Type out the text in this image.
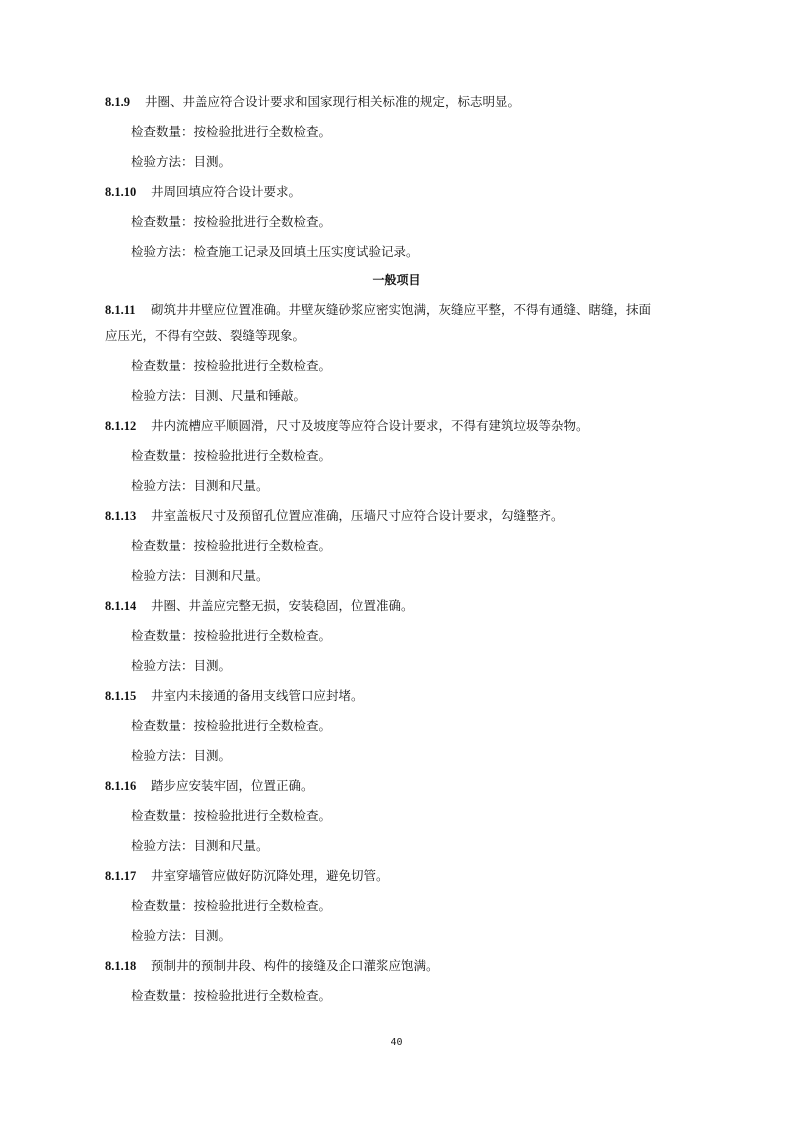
8.1.9 井圈、井盖应符合设计要求和国家现行相关标准的规定，标志明显。
检查数量：按检验批进行全数检查。
检验方法：目测。
8.1.10 井周回填应符合设计要求。
检查数量：按检验批进行全数检查。
检验方法：检查施工记录及回填土压实度试验记录。
一般项目
8.1.11 砌筑井井壁应位置准确。井壁灰缝砂浆应密实饱满，灰缝应平整，不得有通缝、瞎缝，抹面
应压光，不得有空鼓、裂缝等现象。
检查数量：按检验批进行全数检查。
检验方法：目测、尺量和锤敲。
8.1.12 井内流槽应平顺圆滑，尺寸及坡度等应符合设计要求，不得有建筑垃圾等杂物。
检查数量：按检验批进行全数检查。
检验方法：目测和尺量。
8.1.13 井室盖板尺寸及预留孔位置应准确，压墙尺寸应符合设计要求，勾缝整齐。
检查数量：按检验批进行全数检查。
检验方法：目测和尺量。
8.1.14 井圈、井盖应完整无损，安装稳固，位置准确。
检查数量：按检验批进行全数检查。
检验方法：目测。
8.1.15 井室内未接通的备用支线管口应封堵。
检查数量：按检验批进行全数检查。
检验方法：目测。
8.1.16 踏步应安装牢固，位置正确。
检查数量：按检验批进行全数检查。
检验方法：目测和尺量。
8.1.17 井室穿墙管应做好防沉降处理，避免切管。
检查数量：按检验批进行全数检查。
检验方法：目测。
8.1.18 预制井的预制井段、构件的接缝及企口灌浆应饱满。
检查数量：按检验批进行全数检查。
40
